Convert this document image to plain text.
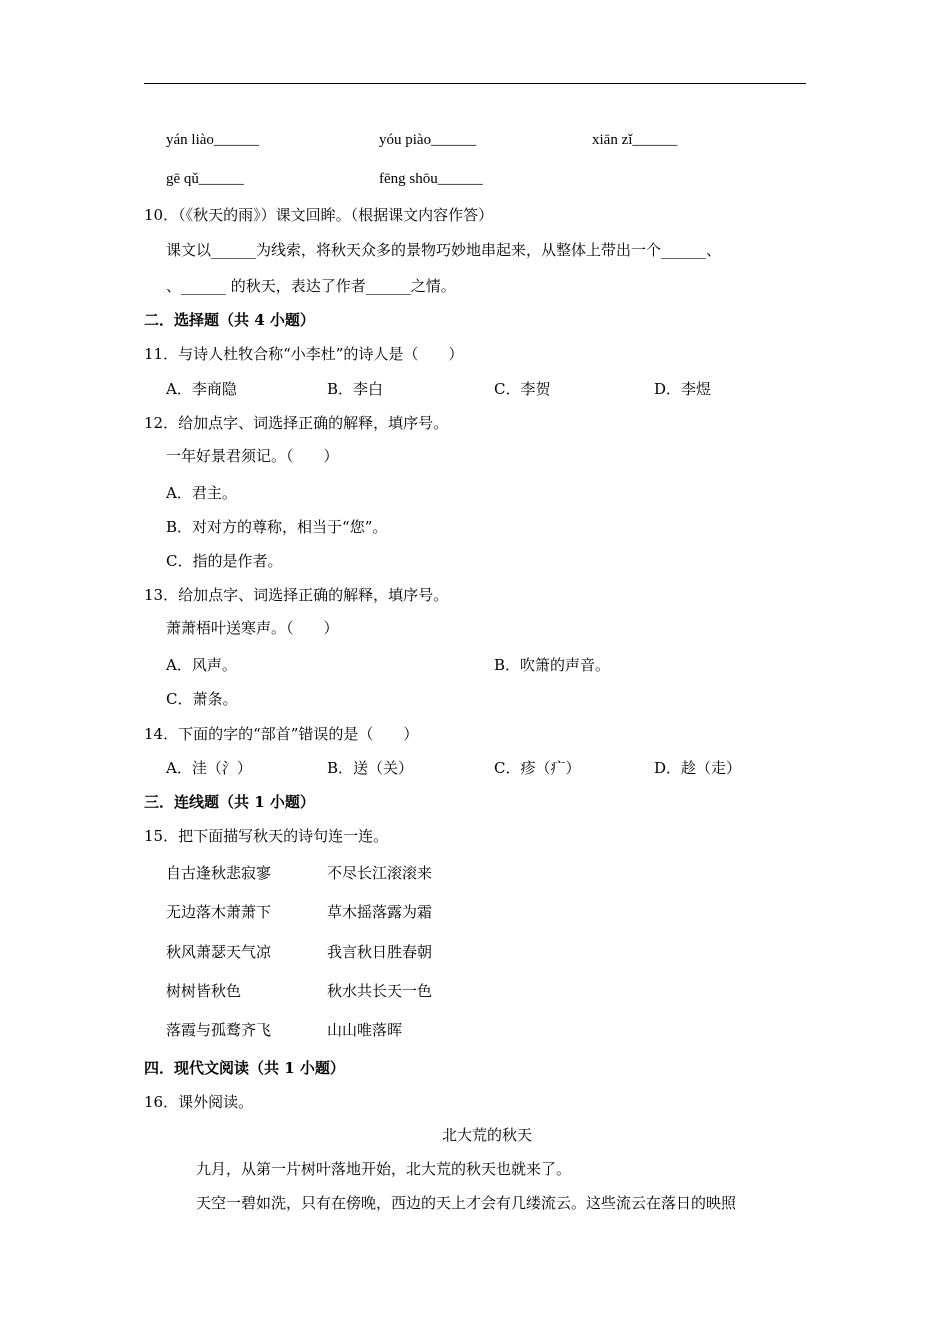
yán liào______	yóu piào______	xiān zǐ______
gē qǔ______	fēng shōu______
10．（《秋天的雨》）课文回眸。（根据课文内容作答）
课文以______为线索，将秋天众多的景物巧妙地串起来，从整体上带出一个______、
、______ 的秋天，表达了作者______之情。
二．选择题（共 4 小题）
11．与诗人杜牧合称“小李杜”的诗人是（　　）
A．李商隐	B．李白	C．李贺	D．李煜
12．给加点字、词选择正确的解释，填序号。
一年好景君须记。（　　）
A．君主。
B．对对方的尊称，相当于“您”。
C．指的是作者。
13．给加点字、词选择正确的解释，填序号。
萧萧梧叶送寒声。（　　）
A．风声。	B．吹箫的声音。
C．萧条。
14．下面的字的“部首”错误的是（　　）
A．洼（氵）	B．送（关）	C．疹（疒）	D．趁（走）
三．连线题（共 1 小题）
15．把下面描写秋天的诗句连一连。
自古逢秋悲寂寥	不尽长江滚滚来
无边落木萧萧下	草木摇落露为霜
秋风萧瑟天气凉	我言秋日胜春朝
树树皆秋色	秋水共长天一色
落霞与孤鹜齐飞	山山唯落晖
四．现代文阅读（共 1 小题）
16．课外阅读。
北大荒的秋天
九月，从第一片树叶落地开始，北大荒的秋天也就来了。
天空一碧如洗，只有在傍晚，西边的天上才会有几缕流云。这些流云在落日的映照
